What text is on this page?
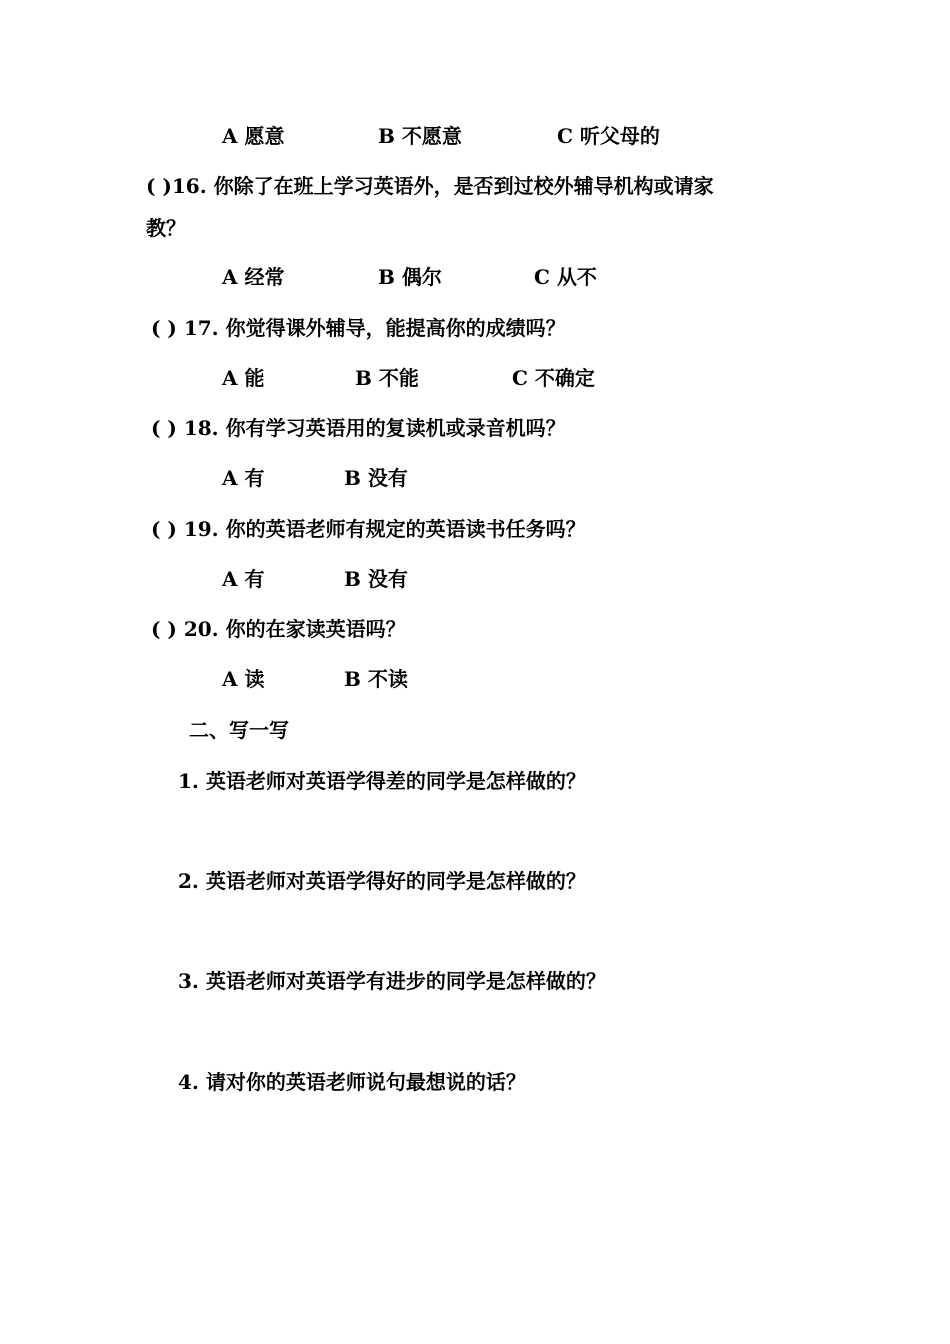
A 愿意	B 不愿意	C 听父母的
( )16. 你除了在班上学习英语外，是否到过校外辅导机构或请家
教？
A 经常	B 偶尔	C 从不
( ) 17. 你觉得课外辅导，能提高你的成绩吗？
A 能	B 不能	C 不确定
( ) 18. 你有学习英语用的复读机或录音机吗？
A 有	B 没有
( ) 19. 你的英语老师有规定的英语读书任务吗？
A 有	B 没有
( ) 20. 你的在家读英语吗？
A 读	B 不读
二、写一写
1. 英语老师对英语学得差的同学是怎样做的？
2. 英语老师对英语学得好的同学是怎样做的？
3. 英语老师对英语学有进步的同学是怎样做的？
4. 请对你的英语老师说句最想说的话？
